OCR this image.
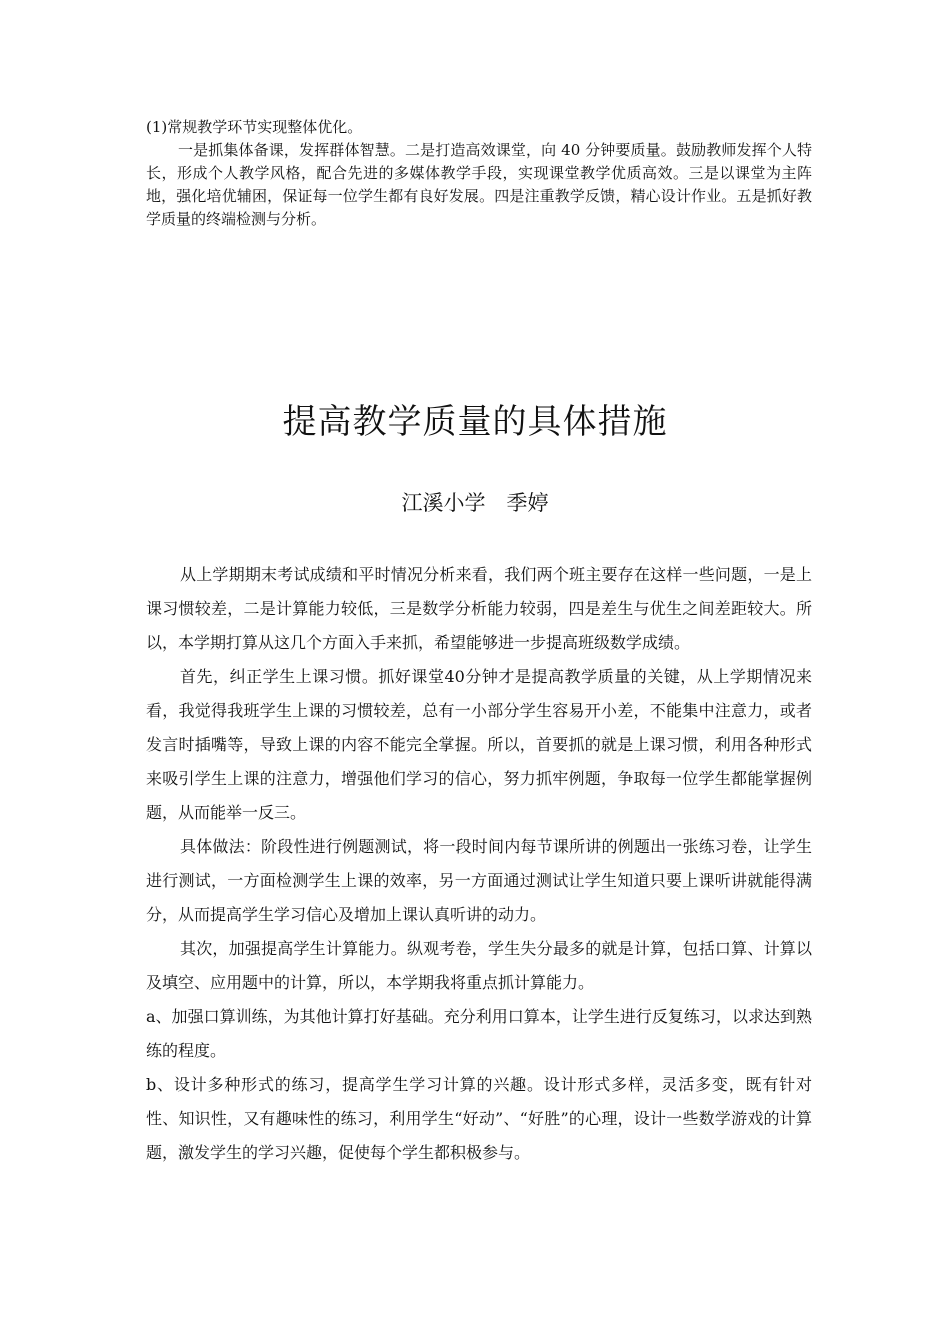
(1)常规教学环节实现整体优化。

一是抓集体备课，发挥群体智慧。二是打造高效课堂，向 40 分钟要质量。鼓励教师发挥个人特长，形成个人教学风格，配合先进的多媒体教学手段，实现课堂教学优质高效。三是以课堂为主阵地，强化培优辅困，保证每一位学生都有良好发展。四是注重教学反馈，精心设计作业。五是抓好教学质量的终端检测与分析。

提高教学质量的具体措施

江溪小学　季婷

从上学期期末考试成绩和平时情况分析来看，我们两个班主要存在这样一些问题，一是上课习惯较差，二是计算能力较低，三是数学分析能力较弱，四是差生与优生之间差距较大。所以，本学期打算从这几个方面入手来抓，希望能够进一步提高班级数学成绩。

首先，纠正学生上课习惯。抓好课堂40分钟才是提高教学质量的关键，从上学期情况来看，我觉得我班学生上课的习惯较差，总有一小部分学生容易开小差，不能集中注意力，或者发言时插嘴等，导致上课的内容不能完全掌握。所以，首要抓的就是上课习惯，利用各种形式来吸引学生上课的注意力，增强他们学习的信心，努力抓牢例题，争取每一位学生都能掌握例题，从而能举一反三。

具体做法：阶段性进行例题测试，将一段时间内每节课所讲的例题出一张练习卷，让学生进行测试，一方面检测学生上课的效率，另一方面通过测试让学生知道只要上课听讲就能得满分，从而提高学生学习信心及增加上课认真听讲的动力。

其次，加强提高学生计算能力。纵观考卷，学生失分最多的就是计算，包括口算、计算以及填空、应用题中的计算，所以，本学期我将重点抓计算能力。

a、加强口算训练，为其他计算打好基础。充分利用口算本，让学生进行反复练习，以求达到熟练的程度。

b、设计多种形式的练习，提高学生学习计算的兴趣。设计形式多样，灵活多变，既有针对性、知识性，又有趣味性的练习，利用学生“好动”、“好胜”的心理，设计一些数学游戏的计算题，激发学生的学习兴趣，促使每个学生都积极参与。
